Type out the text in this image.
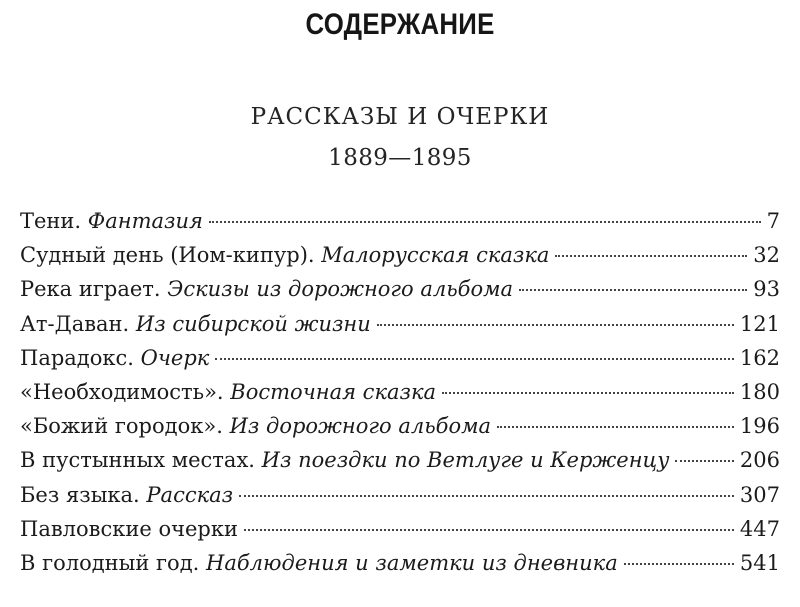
СОДЕРЖАНИЕ
РАССКАЗЫ И ОЧЕРКИ
1889—1895
Тени. Фантазия	7
Судный день (Иом-кипур). Малорусская сказка	32
Река играет. Эскизы из дорожного альбома	93
Ат-Даван. Из сибирской жизни	121
Парадокс. Очерк	162
«Необходимость». Восточная сказка	180
«Божий городок». Из дорожного альбома	196
В пустынных местах. Из поездки по Ветлуге и Керженцу	206
Без языка. Рассказ	307
Павловские очерки	447
В голодный год. Наблюдения и заметки из дневника	541
